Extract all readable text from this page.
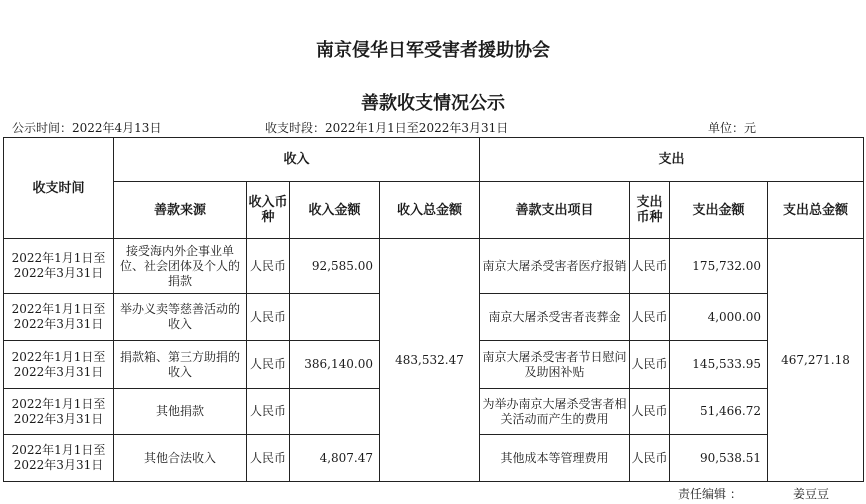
南京侵华日军受害者援助协会
善款收支情况公示
公示时间：2022年4月13日	收支时段：2022年1月1日至2022年3月31日	单位：元
收支时间	收入				支出			
	善款来源	收入币种	收入金额	收入总金额	善款支出项目	支出币种	支出金额	支出总金额
2022年1月1日至2022年3月31日	接受海内外企事业单位、社会团体及个人的捐款	人民币	92,585.00	483,532.47	南京大屠杀受害者医疗报销	人民币	175,732.00	467,271.18
2022年1月1日至2022年3月31日	举办义卖等慈善活动的收入	人民币			南京大屠杀受害者丧葬金	人民币	4,000.00	
2022年1月1日至2022年3月31日	捐款箱、第三方助捐的收入	人民币	386,140.00		南京大屠杀受害者节日慰问及助困补贴	人民币	145,533.95	
2022年1月1日至2022年3月31日	其他捐款	人民币			为举办南京大屠杀受害者相关活动而产生的费用	人民币	51,466.72	
2022年1月1日至2022年3月31日	其他合法收入	人民币	4,807.47		其他成本等管理费用	人民币	90,538.51	
责任编辑 ：	姜豆豆
